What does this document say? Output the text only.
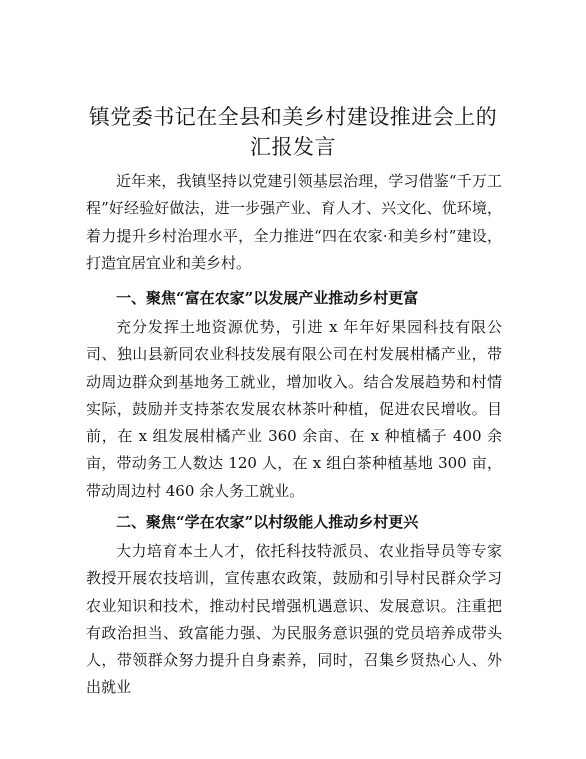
镇党委书记在全县和美乡村建设推进会上的汇报发言

近年来，我镇坚持以党建引领基层治理，学习借鉴“千万工程”好经验好做法，进一步强产业、育人才、兴文化、优环境，着力提升乡村治理水平，全力推进“四在农家·和美乡村”建设，打造宜居宜业和美乡村。

一、聚焦“富在农家”以发展产业推动乡村更富

充分发挥土地资源优势，引进 x 年年好果园科技有限公司、独山县新同农业科技发展有限公司在村发展柑橘产业，带动周边群众到基地务工就业，增加收入。结合发展趋势和村情实际，鼓励并支持茶农发展农林茶叶种植，促进农民增收。目前，在 x 组发展柑橘产业 360 余亩、在 x 种植橘子 400 余亩，带动务工人数达 120 人，在 x 组白茶种植基地 300 亩，带动周边村 460 余人务工就业。

二、聚焦“学在农家”以村级能人推动乡村更兴

大力培育本土人才，依托科技特派员、农业指导员等专家教授开展农技培训，宣传惠农政策，鼓励和引导村民群众学习农业知识和技术，推动村民增强机遇意识、发展意识。注重把有政治担当、致富能力强、为民服务意识强的党员培养成带头人，带领群众努力提升自身素养，同时，召集乡贤热心人、外出就业
